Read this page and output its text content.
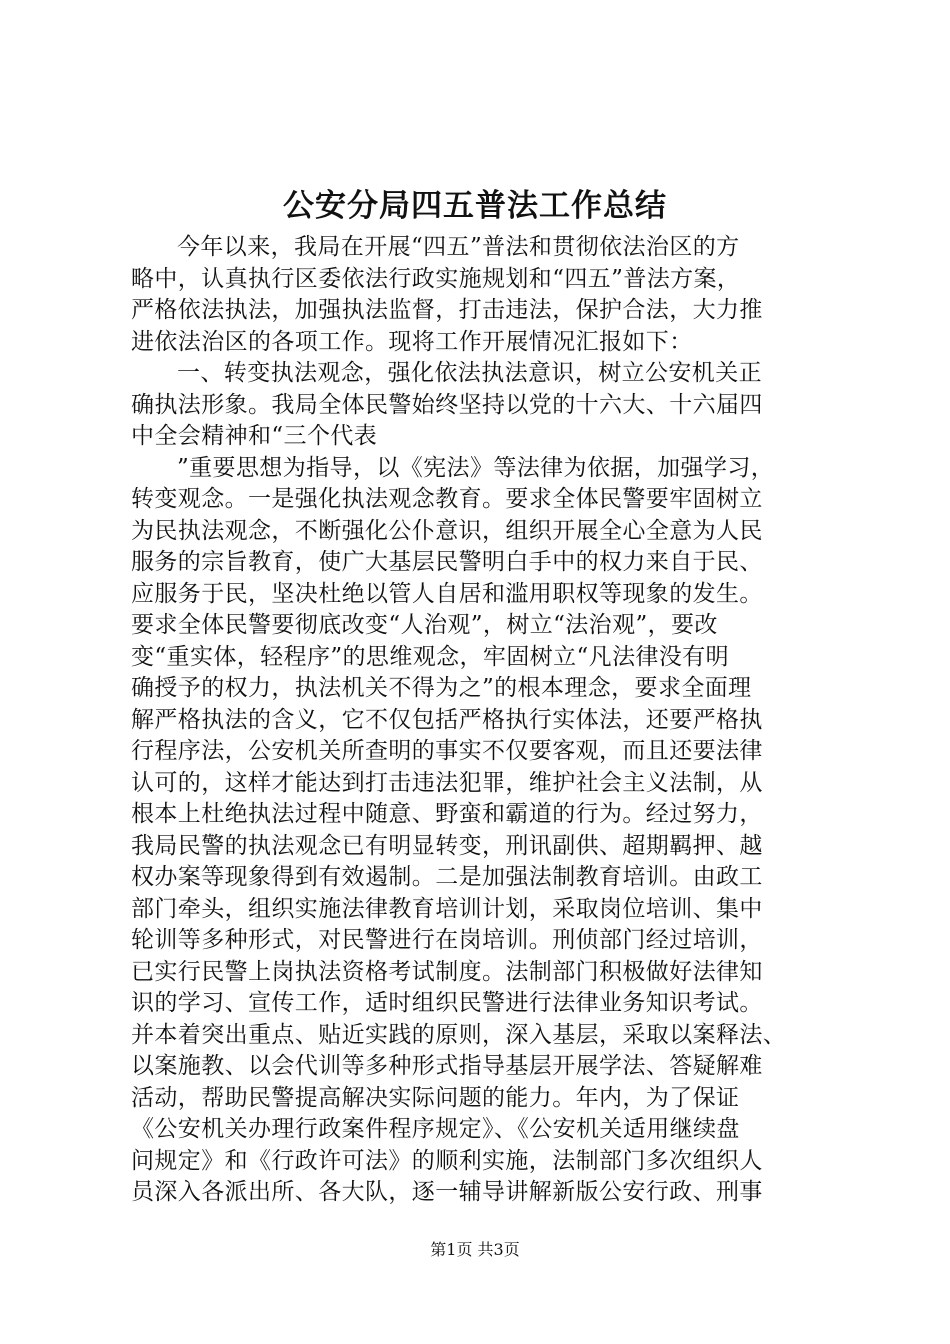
公安分局四五普法工作总结
今年以来，我局在开展“四五”普法和贯彻依法治区的方
略中，认真执行区委依法行政实施规划和“四五”普法方案，
严格依法执法，加强执法监督，打击违法，保护合法，大力推
进依法治区的各项工作。现将工作开展情况汇报如下：
一、转变执法观念，强化依法执法意识，树立公安机关正
确执法形象。我局全体民警始终坚持以党的十六大、十六届四
中全会精神和“三个代表
”重要思想为指导，以《宪法》等法律为依据，加强学习，
转变观念。一是强化执法观念教育。要求全体民警要牢固树立
为民执法观念，不断强化公仆意识，组织开展全心全意为人民
服务的宗旨教育，使广大基层民警明白手中的权力来自于民、
应服务于民，坚决杜绝以管人自居和滥用职权等现象的发生。
要求全体民警要彻底改变“人治观”，树立“法治观”，要改
变“重实体，轻程序”的思维观念，牢固树立“凡法律没有明
确授予的权力，执法机关不得为之”的根本理念，要求全面理
解严格执法的含义，它不仅包括严格执行实体法，还要严格执
行程序法，公安机关所查明的事实不仅要客观，而且还要法律
认可的，这样才能达到打击违法犯罪，维护社会主义法制，从
根本上杜绝执法过程中随意、野蛮和霸道的行为。经过努力，
我局民警的执法观念已有明显转变，刑讯副供、超期羁押、越
权办案等现象得到有效遏制。二是加强法制教育培训。由政工
部门牵头，组织实施法律教育培训计划，采取岗位培训、集中
轮训等多种形式，对民警进行在岗培训。刑侦部门经过培训，
已实行民警上岗执法资格考试制度。法制部门积极做好法律知
识的学习、宣传工作，适时组织民警进行法律业务知识考试。
并本着突出重点、贴近实践的原则，深入基层，采取以案释法、
以案施教、以会代训等多种形式指导基层开展学法、答疑解难
活动，帮助民警提高解决实际问题的能力。年内，为了保证
《公安机关办理行政案件程序规定》、《公安机关适用继续盘
问规定》和《行政许可法》的顺利实施，法制部门多次组织人
员深入各派出所、各大队，逐一辅导讲解新版公安行政、刑事
第1页 共3页
